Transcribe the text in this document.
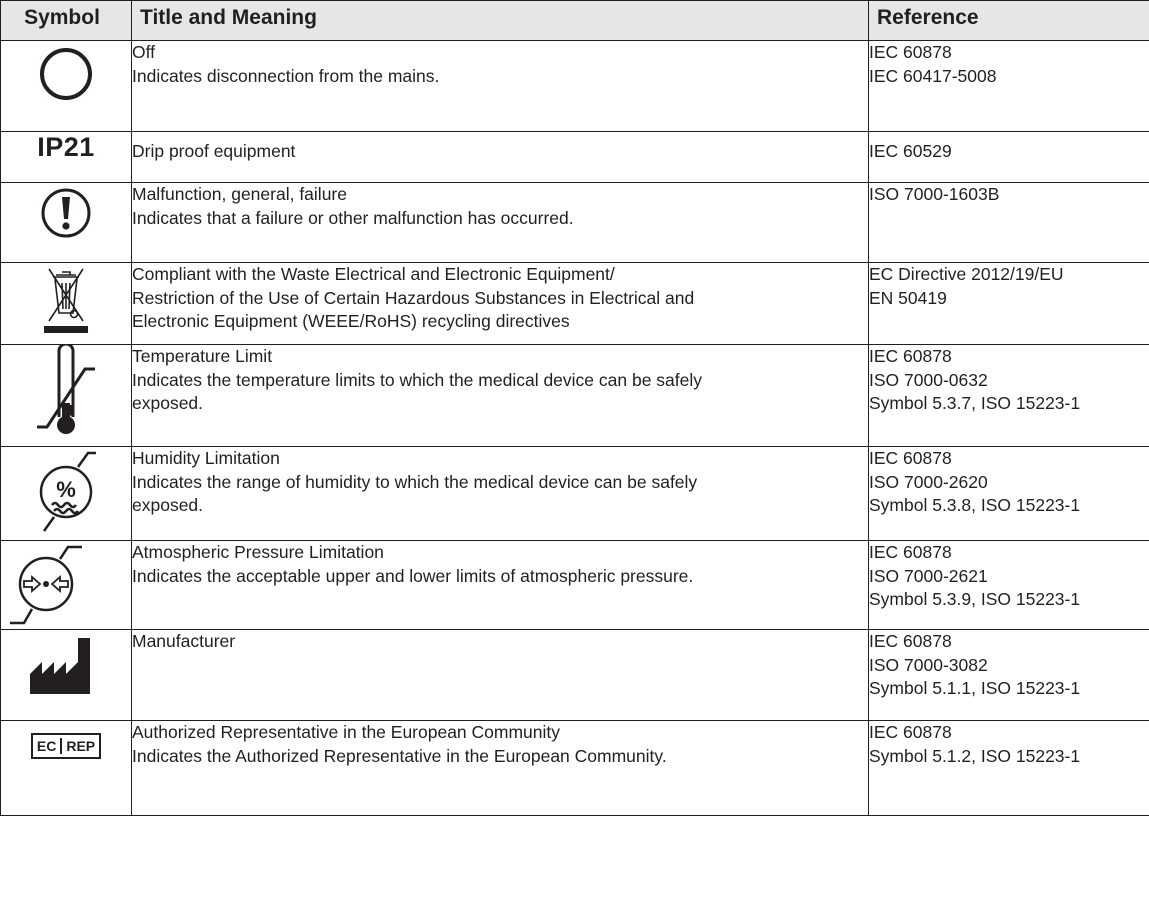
Symbol	Title and Meaning	Reference

Off
Indicates disconnection from the mains.	IEC 60878
IEC 60417-5008

IP21	Drip proof equipment	IEC 60529

Malfunction, general, failure
Indicates that a failure or other malfunction has occurred.	ISO 7000-1603B

Compliant with the Waste Electrical and Electronic Equipment/
Restriction of the Use of Certain Hazardous Substances in Electrical and
Electronic Equipment (WEEE/RoHS) recycling directives	EC Directive 2012/19/EU
EN 50419

Temperature Limit
Indicates the temperature limits to which the medical device can be safely
exposed.	IEC 60878
ISO 7000-0632
Symbol 5.3.7, ISO 15223-1

%	Humidity Limitation
Indicates the range of humidity to which the medical device can be safely
exposed.	IEC 60878
ISO 7000-2620
Symbol 5.3.8, ISO 15223-1

Atmospheric Pressure Limitation
Indicates the acceptable upper and lower limits of atmospheric pressure.	IEC 60878
ISO 7000-2621
Symbol 5.3.9, ISO 15223-1

Manufacturer	IEC 60878
ISO 7000-3082
Symbol 5.1.1, ISO 15223-1

EC REP	Authorized Representative in the European Community
Indicates the Authorized Representative in the European Community.	IEC 60878
Symbol 5.1.2, ISO 15223-1
